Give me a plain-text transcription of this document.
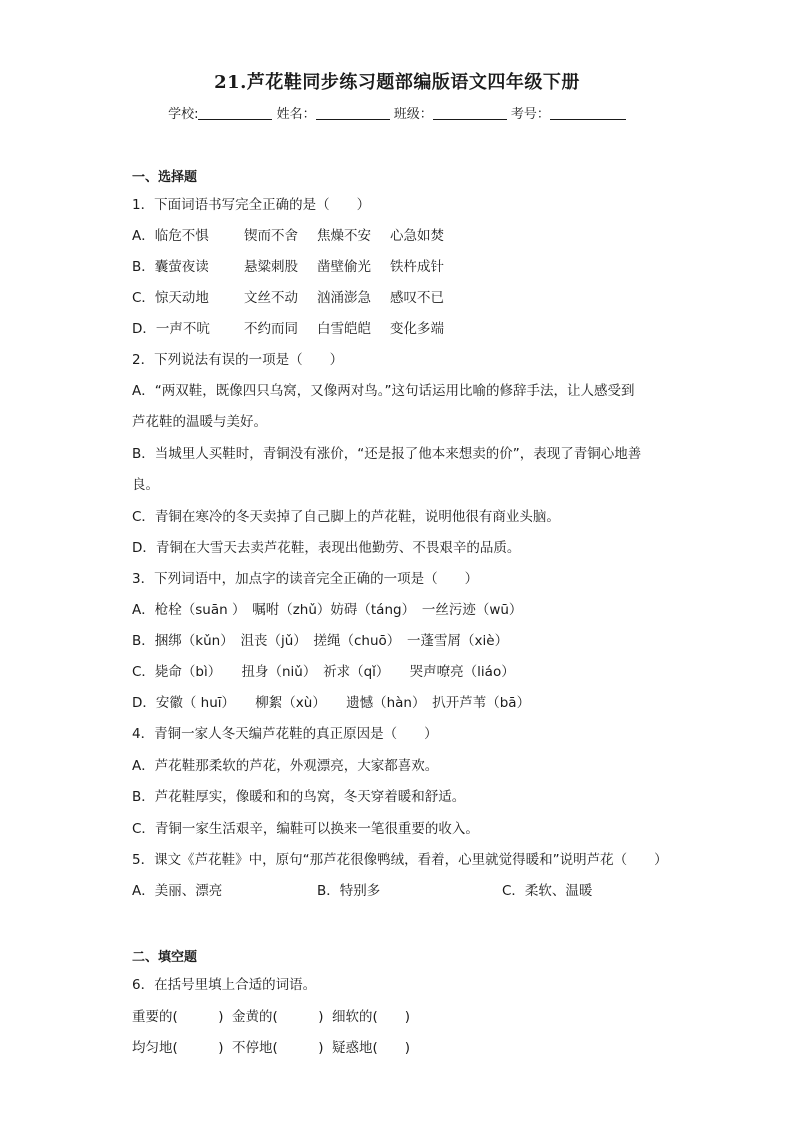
21.芦花鞋同步练习题部编版语文四年级下册
学校:	姓名：	班级：	考号：
一、选择题
1．下面词语书写完全正确的是（　　）
A．临危不惧	锲而不舍 焦燥不安 心急如焚
B．囊萤夜读	悬粱刺股 凿壁偷光 铁杵成针
C．惊天动地	文丝不动 汹涌澎急 感叹不已
D．一声不吭	不约而同 白雪皑皑 变化多端
2．下列说法有误的一项是（　　）
A．“两双鞋，既像四只乌窝，又像两对鸟。”这句话运用比喻的修辞手法，让人感受到
芦花鞋的温暖与美好。
B．当城里人买鞋时，青铜没有涨价，“还是报了他本来想卖的价”，表现了青铜心地善
良。
C．青铜在寒冷的冬天卖掉了自己脚上的芦花鞋，说明他很有商业头脑。
D．青铜在大雪天去卖芦花鞋，表现出他勤劳、不畏艰辛的品质。
3．下列词语中，加点字的读音完全正确的一项是（　　）
A．枪栓（suān ）　嘱咐（zhǔ）妨碍（táng）　一丝污迹（wū）
B．捆绑（kǔn）　沮丧（jǔ）　搓绳（chuō）　一蓬雪屑（xiè）
C．毙命（bì）　　扭身（niǔ）　祈求（qǐ）　　哭声嘹亮（liáo）
D．安徽（ huī）　　柳絮（xù）　　遗憾（hàn）　扒开芦苇（bā）
4．青铜一家人冬天编芦花鞋的真正原因是（　　）
A．芦花鞋那柔软的芦花，外观漂亮，大家都喜欢。
B．芦花鞋厚实，像暖和和的鸟窝，冬天穿着暖和舒适。
C．青铜一家生活艰辛，编鞋可以换来一笔很重要的收入。
5．课文《芦花鞋》中，原句“那芦花很像鸭绒，看着，心里就觉得暖和”说明芦花（　　）
A．美丽、漂亮	B．特别多	C．柔软、温暖
二、填空题
6．在括号里填上合适的词语。
重要的(　　　) 金黄的(　　　) 细软的(　　)
均匀地(　　　) 不停地(　　　) 疑惑地(　　)
